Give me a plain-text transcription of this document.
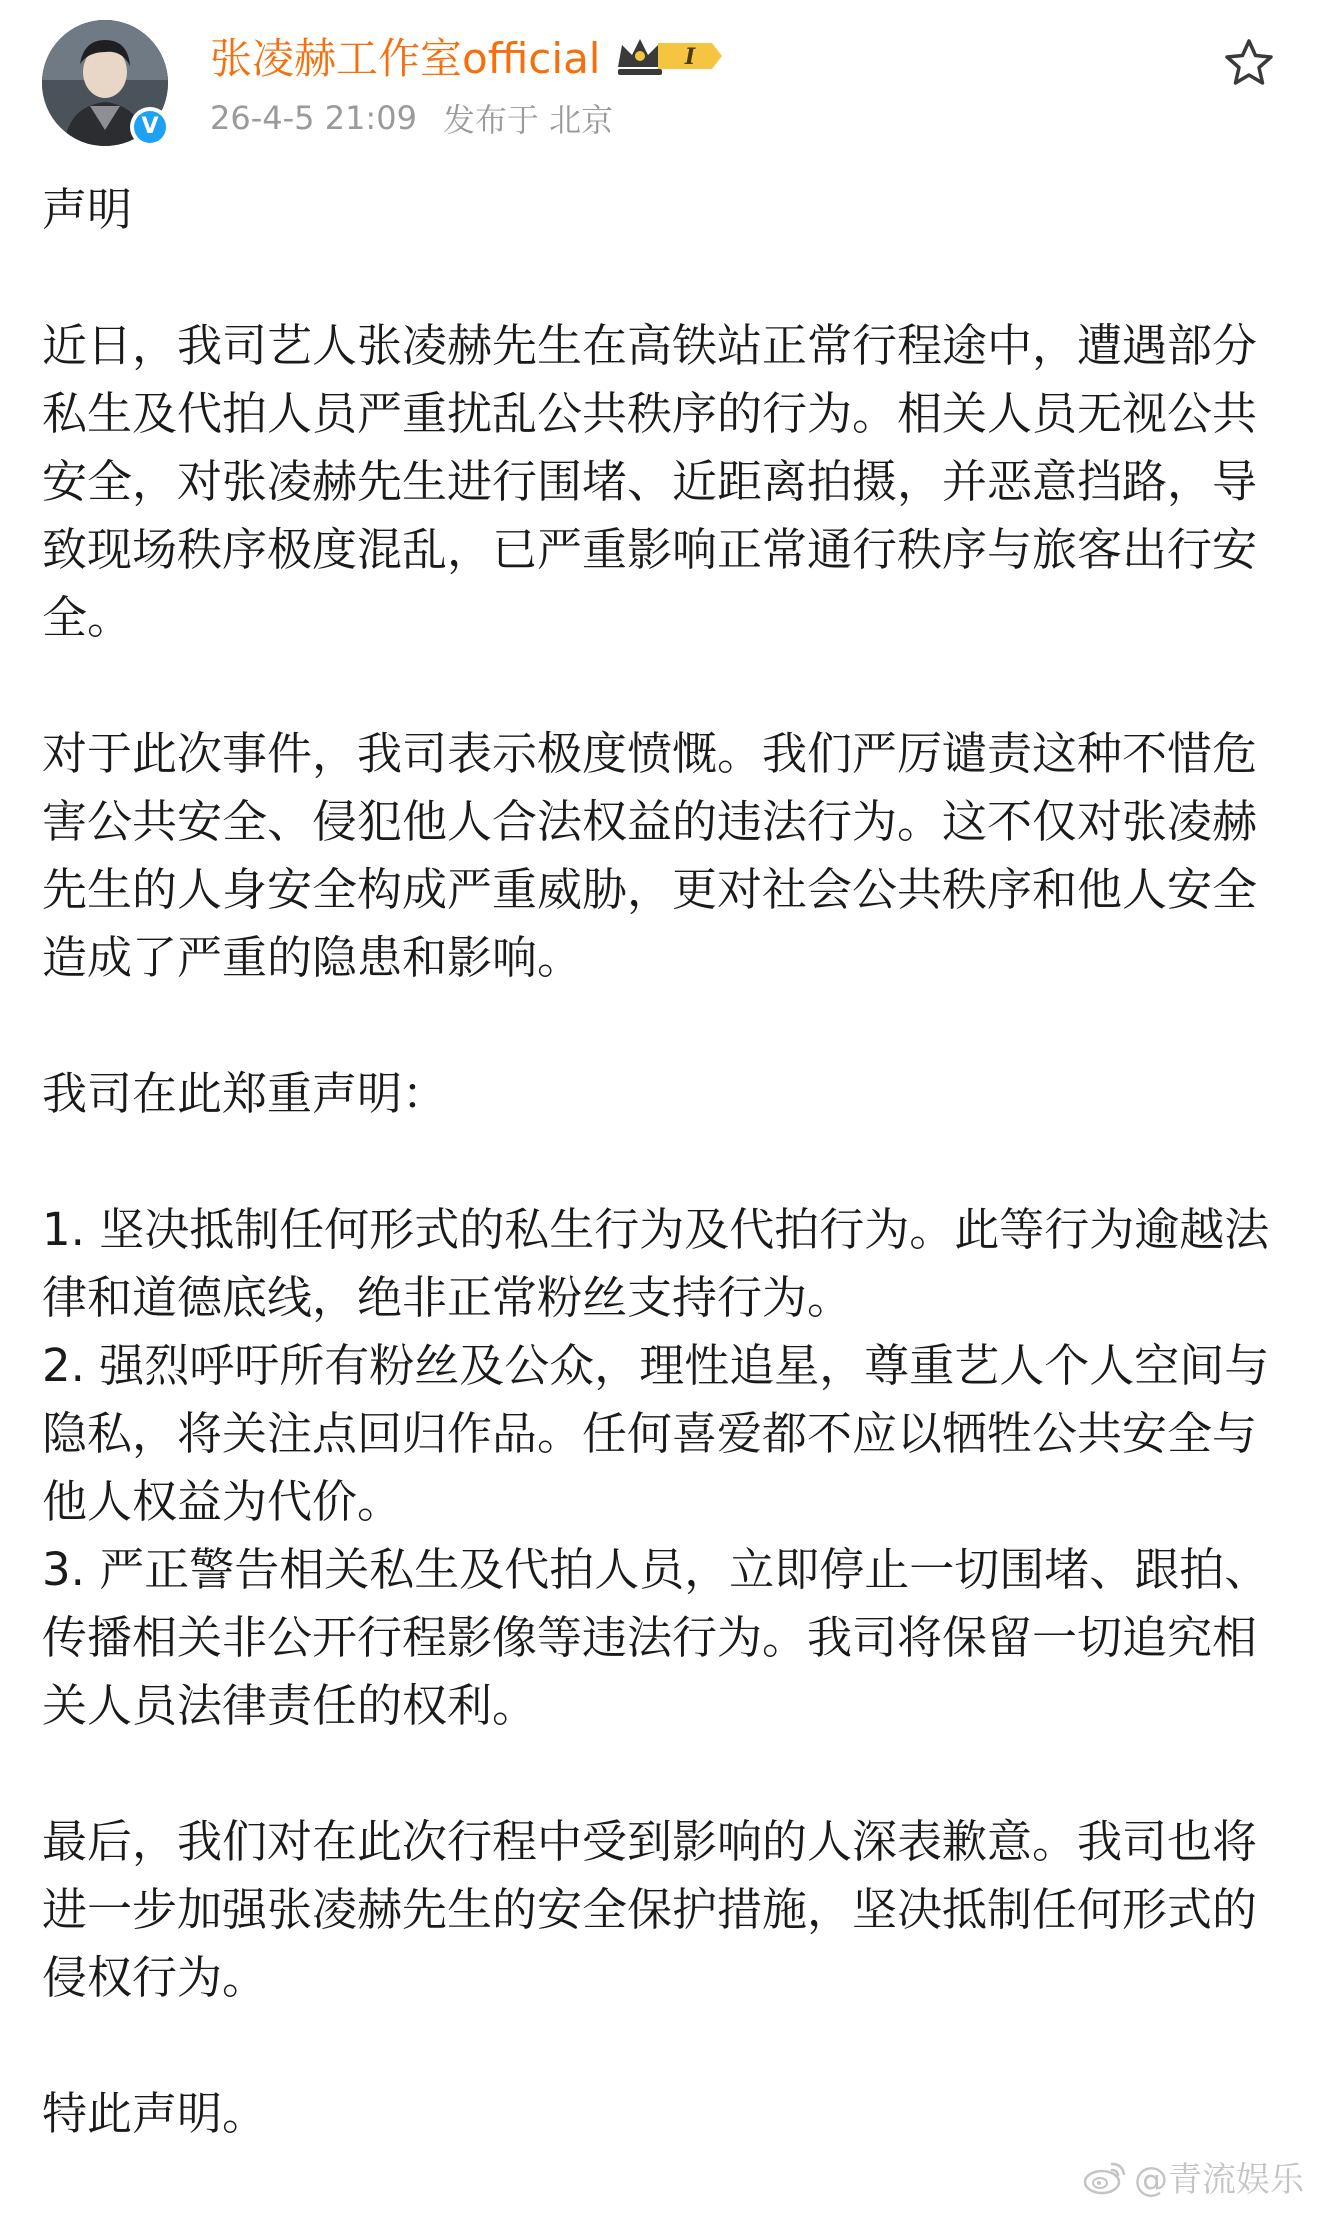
V
张凌赫工作室official	I
26-4-5 21:09 发布于 北京

声明

近日，我司艺人张凌赫先生在高铁站正常行程途中，遭遇部分私生及代拍人员严重扰乱公共秩序的行为。相关人员无视公共安全，对张凌赫先生进行围堵、近距离拍摄，并恶意挡路，导致现场秩序极度混乱，已严重影响正常通行秩序与旅客出行安全。

对于此次事件，我司表示极度愤慨。我们严厉谴责这种不惜危害公共安全、侵犯他人合法权益的违法行为。这不仅对张凌赫先生的人身安全构成严重威胁，更对社会公共秩序和他人安全造成了严重的隐患和影响。

我司在此郑重声明：

1. 坚决抵制任何形式的私生行为及代拍行为。此等行为逾越法律和道德底线，绝非正常粉丝支持行为。

2. 强烈呼吁所有粉丝及公众，理性追星，尊重艺人个人空间与隐私，将关注点回归作品。任何喜爱都不应以牺牲公共安全与他人权益为代价。

3. 严正警告相关私生及代拍人员，立即停止一切围堵、跟拍、传播相关非公开行程影像等违法行为。我司将保留一切追究相关人员法律责任的权利。

最后，我们对在此次行程中受到影响的人深表歉意。我司也将进一步加强张凌赫先生的安全保护措施，坚决抵制任何形式的侵权行为。

特此声明。

@青流娱乐
